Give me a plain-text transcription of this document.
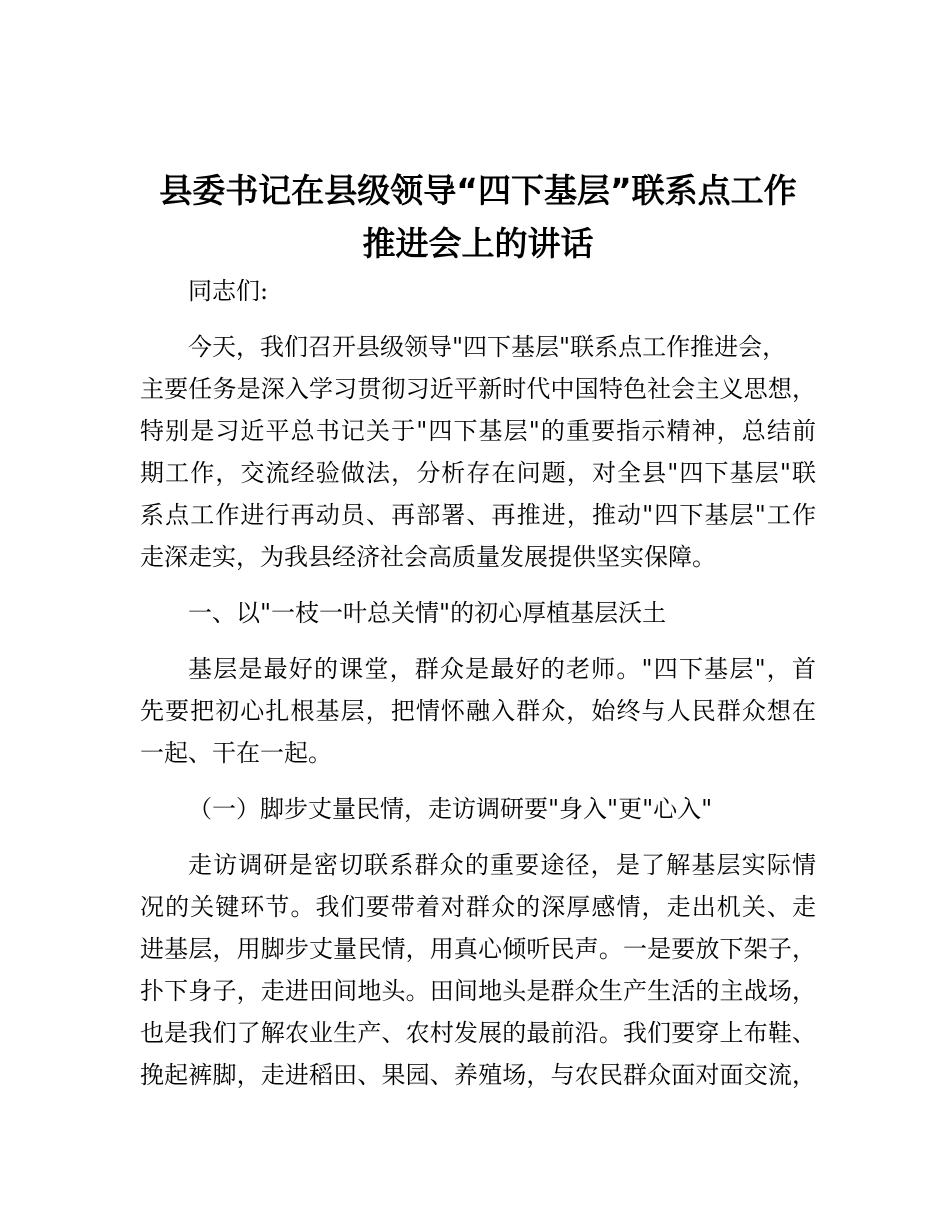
县委书记在县级领导“四下基层”联系点工作
推进会上的讲话
同志们:
今天，我们召开县级领导"四下基层"联系点工作推进会，
主要任务是深入学习贯彻习近平新时代中国特色社会主义思想，
特别是习近平总书记关于"四下基层"的重要指示精神，总结前
期工作，交流经验做法，分析存在问题，对全县"四下基层"联
系点工作进行再动员、再部署、再推进，推动"四下基层"工作
走深走实，为我县经济社会高质量发展提供坚实保障。
一、以"一枝一叶总关情"的初心厚植基层沃土
基层是最好的课堂，群众是最好的老师。"四下基层"，首
先要把初心扎根基层，把情怀融入群众，始终与人民群众想在
一起、干在一起。
（一）脚步丈量民情，走访调研要"身入"更"心入"
走访调研是密切联系群众的重要途径，是了解基层实际情
况的关键环节。我们要带着对群众的深厚感情，走出机关、走
进基层，用脚步丈量民情，用真心倾听民声。一是要放下架子，
扑下身子，走进田间地头。田间地头是群众生产生活的主战场，
也是我们了解农业生产、农村发展的最前沿。我们要穿上布鞋、
挽起裤脚，走进稻田、果园、养殖场，与农民群众面对面交流，
